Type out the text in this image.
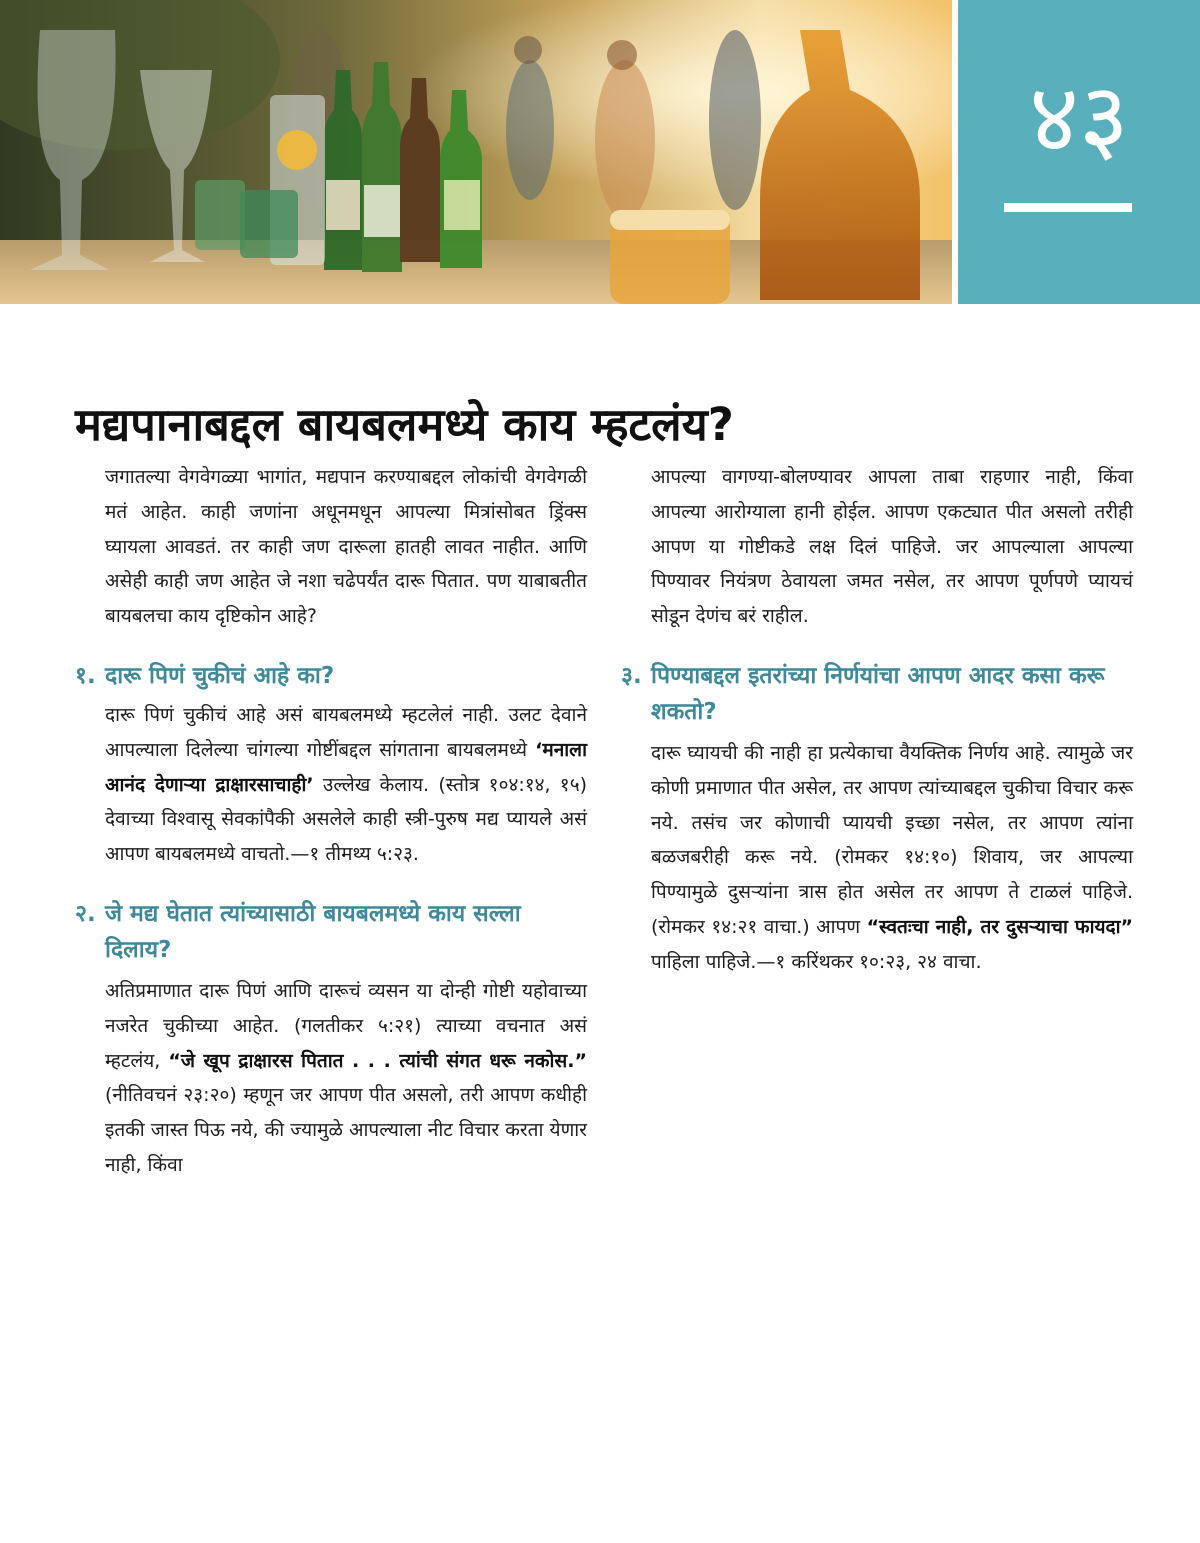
४३
मद्यपानाबद्दल बायबलमध्ये काय म्हटलंय?

जगातल्या वेगवेगळ्या भागांत, मद्यपान करण्याबद्दल लोकांची वेगवेगळी मतं आहेत. काही जणांना अधूनमधून आपल्या मित्रांसोबत ड्रिंक्स घ्यायला आवडतं. तर काही जण दारूला हातही लावत नाहीत. आणि असेही काही जण आहेत जे नशा चढेपर्यंत दारू पितात. पण याबाबतीत बायबलचा काय दृष्टिकोन आहे?

१. दारू पिणं चुकीचं आहे का?

दारू पिणं चुकीचं आहे असं बायबलमध्ये म्हटलेलं नाही. उलट देवाने आपल्याला दिलेल्या चांगल्या गोष्टींबद्दल सांगताना बायबलमध्ये ‘मनाला आनंद देणाऱ्या द्राक्षारसाचाही’ उल्लेख केलाय. (स्तोत्र १०४:१४, १५) देवाच्या विश्वासू सेवकांपैकी असलेले काही स्त्री-पुरुष मद्य प्यायले असं आपण बायबलमध्ये वाचतो.—१ तीमथ्य ५:२३.

२. जे मद्य घेतात त्यांच्यासाठी बायबलमध्ये काय सल्ला दिलाय?

अतिप्रमाणात दारू पिणं आणि दारूचं व्यसन या दोन्ही गोष्टी यहोवाच्या नजरेत चुकीच्या आहेत. (गलतीकर ५:२१) त्याच्या वचनात असं म्हटलंय, “जे खूप द्राक्षारस पितात . . . त्यांची संगत धरू नकोस.” (नीतिवचनं २३:२०) म्हणून जर आपण पीत असलो, तरी आपण कधीही इतकी जास्त पिऊ नये, की ज्यामुळे आपल्याला नीट विचार करता येणार नाही, किंवा

आपल्या वागण्या-बोलण्यावर आपला ताबा राहणार नाही, किंवा आपल्या आरोग्याला हानी होईल. आपण एकट्यात पीत असलो तरीही आपण या गोष्टीकडे लक्ष दिलं पाहिजे. जर आपल्याला आपल्या पिण्यावर नियंत्रण ठेवायला जमत नसेल, तर आपण पूर्णपणे प्यायचं सोडून देणंच बरं राहील.

३. पिण्याबद्दल इतरांच्या निर्णयांचा आपण आदर कसा करू शकतो?

दारू घ्यायची की नाही हा प्रत्येकाचा वैयक्तिक निर्णय आहे. त्यामुळे जर कोणी प्रमाणात पीत असेल, तर आपण त्यांच्याबद्दल चुकीचा विचार करू नये. तसंच जर कोणाची प्यायची इच्छा नसेल, तर आपण त्यांना बळजबरीही करू नये. (रोमकर १४:१०) शिवाय, जर आपल्या पिण्यामुळे दुसऱ्यांना त्रास होत असेल तर आपण ते टाळलं पाहिजे. (रोमकर १४:२१ वाचा.) आपण “स्वतःचा नाही, तर दुसऱ्याचा फायदा” पाहिला पाहिजे.—१ करिंथकर १०:२३, २४ वाचा.
